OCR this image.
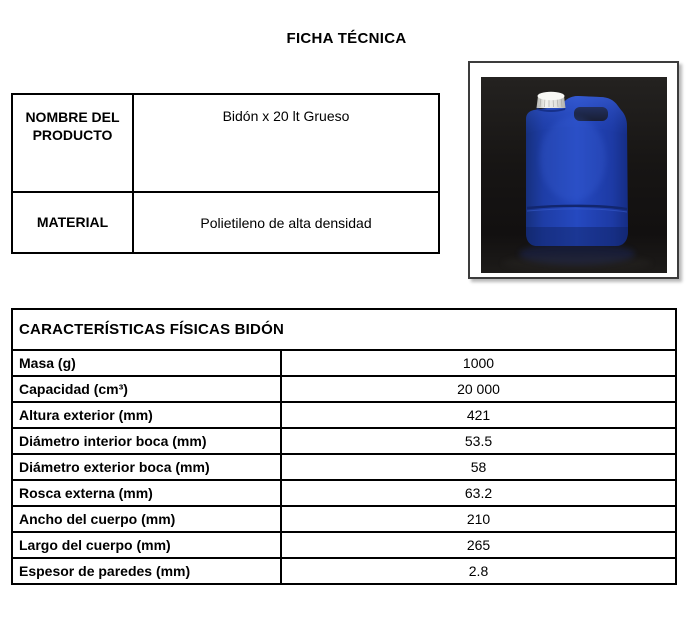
FICHA TÉCNICA
NOMBRE DEL PRODUCTO	Bidón x 20 lt Grueso
MATERIAL	Polietileno de alta densidad
CARACTERÍSTICAS FÍSICAS BIDÓN	
Masa (g)	1000
Capacidad (cm³)	20 000
Altura exterior (mm)	421
Diámetro interior boca (mm)	53.5
Diámetro exterior boca (mm)	58
Rosca externa (mm)	63.2
Ancho del cuerpo (mm)	210
Largo del cuerpo (mm)	265
Espesor de paredes (mm)	2.8
